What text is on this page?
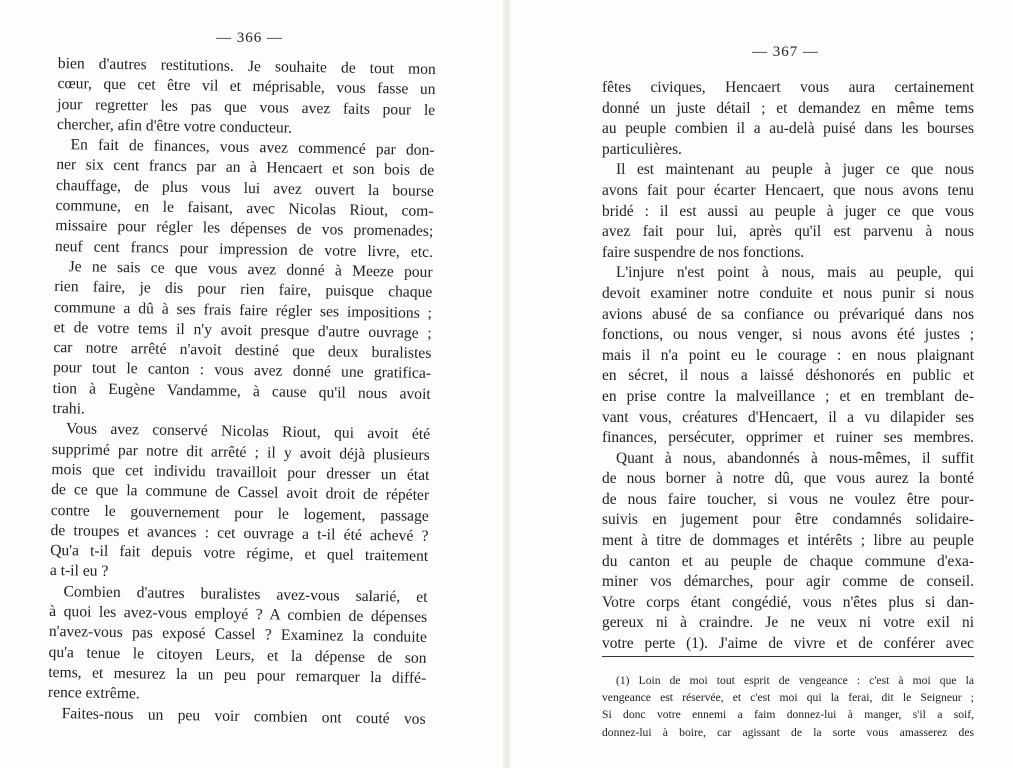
— 366 —
bien d'autres restitutions. Je souhaite de tout mon
cœur, que cet être vil et méprisable, vous fasse un
jour regretter les pas que vous avez faits pour le
chercher, afin d'être votre conducteur.
En fait de finances, vous avez commencé par don-
ner six cent francs par an à Hencaert et son bois de
chauffage, de plus vous lui avez ouvert la bourse
commune, en le faisant, avec Nicolas Riout, com-
missaire pour régler les dépenses de vos promenades;
neuf cent francs pour impression de votre livre, etc.
Je ne sais ce que vous avez donné à Meeze pour
rien faire, je dis pour rien faire, puisque chaque
commune a dû à ses frais faire régler ses impositions ;
et de votre tems il n'y avoit presque d'autre ouvrage ;
car notre arrêté n'avoit destiné que deux buralistes
pour tout le canton : vous avez donné une gratifica-
tion à Eugène Vandamme, à cause qu'il nous avoit
trahi.
Vous avez conservé Nicolas Riout, qui avoit été
supprimé par notre dit arrêté ; il y avoit déjà plusieurs
mois que cet individu travailloit pour dresser un état
de ce que la commune de Cassel avoit droit de répéter
contre le gouvernement pour le logement, passage
de troupes et avances : cet ouvrage a t-il été achevé ?
Qu'a t-il fait depuis votre régime, et quel traitement
a t-il eu ?
Combien d'autres buralistes avez-vous salarié, et
à quoi les avez-vous employé ? A combien de dépenses
n'avez-vous pas exposé Cassel ? Examinez la conduite
qu'a tenue le citoyen Leurs, et la dépense de son
tems, et mesurez la un peu pour remarquer la diffé-
rence extrême.
Faites-nous un peu voir combien ont couté vos
— 367 —
fêtes civiques, Hencaert vous aura certainement
donné un juste détail ; et demandez en même tems
au peuple combien il a au-delà puisé dans les bourses
particulières.
Il est maintenant au peuple à juger ce que nous
avons fait pour écarter Hencaert, que nous avons tenu
bridé : il est aussi au peuple à juger ce que vous
avez fait pour lui, après qu'il est parvenu à nous
faire suspendre de nos fonctions.
L'injure n'est point à nous, mais au peuple, qui
devoit examiner notre conduite et nous punir si nous
avions abusé de sa confiance ou prévariqué dans nos
fonctions, ou nous venger, si nous avons été justes ;
mais il n'a point eu le courage : en nous plaignant
en sécret, il nous a laissé déshonorés en public et
en prise contre la malveillance ; et en tremblant de-
vant vous, créatures d'Hencaert, il a vu dilapider ses
finances, persécuter, opprimer et ruiner ses membres.
Quant à nous, abandonnés à nous-mêmes, il suffit
de nous borner à notre dû, que vous aurez la bonté
de nous faire toucher, si vous ne voulez être pour-
suivis en jugement pour être condamnés solidaire-
ment à titre de dommages et intérêts ; libre au peuple
du canton et au peuple de chaque commune d'exa-
miner vos démarches, pour agir comme de conseil.
Votre corps étant congédié, vous n'êtes plus si dan-
gereux ni à craindre. Je ne veux ni votre exil ni
votre perte (1). J'aime de vivre et de conférer avec
(1) Loin de moi tout esprit de vengeance : c'est à moi que la
vengeance est réservée, et c'est moi qui la ferai, dit le Seigneur ;
Si donc votre ennemi a faim donnez-lui à manger, s'il a soif,
donnez-lui à boire, car agissant de la sorte vous amasserez des
